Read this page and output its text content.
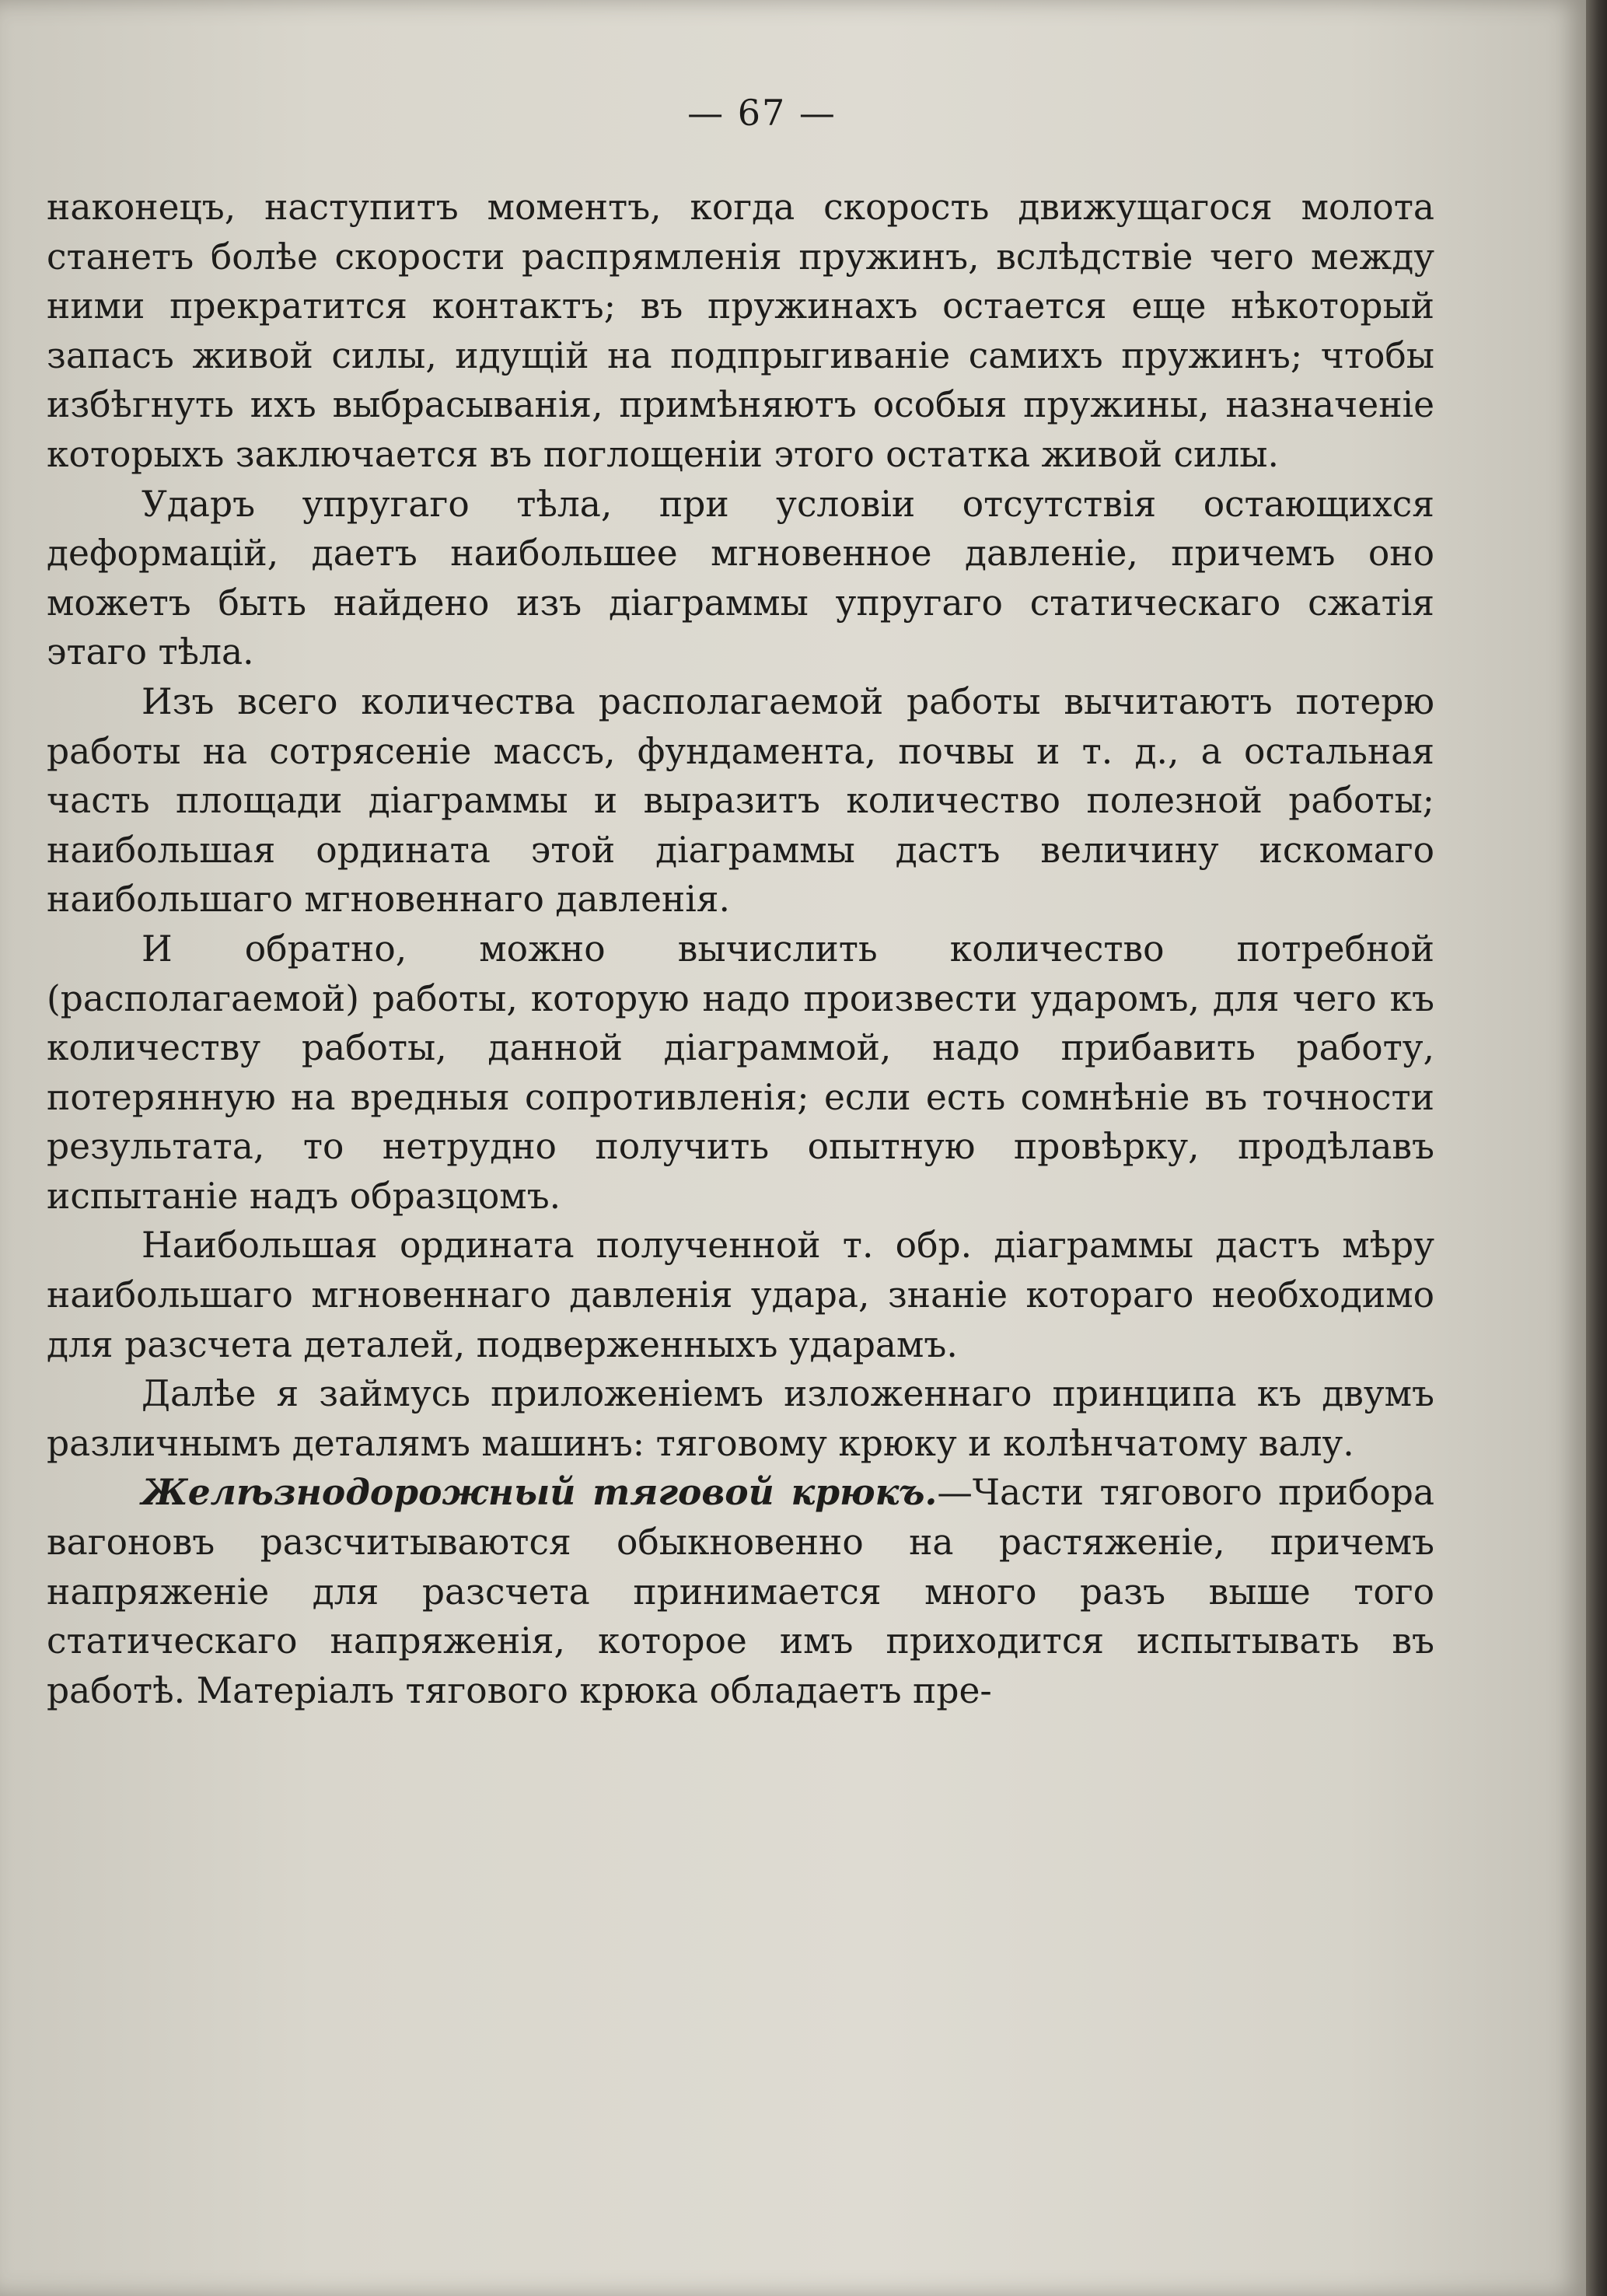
— 67 —

наконецъ, наступитъ моментъ, когда скорость движущагося молота станетъ болѣе скорости распрямленія пружинъ, вслѣдствіе чего между ними прекратится контактъ; въ пружинахъ остается еще нѣкоторый запасъ живой силы, идущій на подпрыгиваніе самихъ пружинъ; чтобы избѣгнуть ихъ выбрасыванія, примѣняютъ особыя пружины, назначеніе которыхъ заключается въ поглощеніи этого остатка живой силы.

Ударъ упругаго тѣла, при условіи отсутствія остающихся деформацій, даетъ наибольшее мгновенное давленіе, причемъ оно можетъ быть найдено изъ діаграммы упругаго статическаго сжатія этаго тѣла.

Изъ всего количества располагаемой работы вычитаютъ потерю работы на сотрясеніе массъ, фундамента, почвы и т. д., а остальная часть площади діаграммы и выразитъ количество полезной работы; наибольшая ордината этой діаграммы дастъ величину искомаго наибольшаго мгновеннаго давленія.

И обратно, можно вычислить количество потребной (располагаемой) работы, которую надо произвести ударомъ, для чего къ количеству работы, данной діаграммой, надо прибавить работу, потерянную на вредныя сопротивленія; если есть сомнѣніе въ точности результата, то нетрудно получить опытную провѣрку, продѣлавъ испытаніе надъ образцомъ.

Наибольшая ордината полученной т. обр. діаграммы дастъ мѣру наибольшаго мгновеннаго давленія удара, знаніе котораго необходимо для разсчета деталей, подверженныхъ ударамъ.

Далѣе я займусь приложеніемъ изложеннаго принципа къ двумъ различнымъ деталямъ машинъ: тяговому крюку и колѣнчатому валу.

Желѣзнодорожный тяговой крюкъ.—Части тягового прибора вагоновъ разсчитываются обыкновенно на растяженіе, причемъ напряженіе для разсчета принимается много разъ выше того статическаго напряженія, которое имъ приходится испытывать въ работѣ. Матеріалъ тягового крюка обладаетъ пре-
